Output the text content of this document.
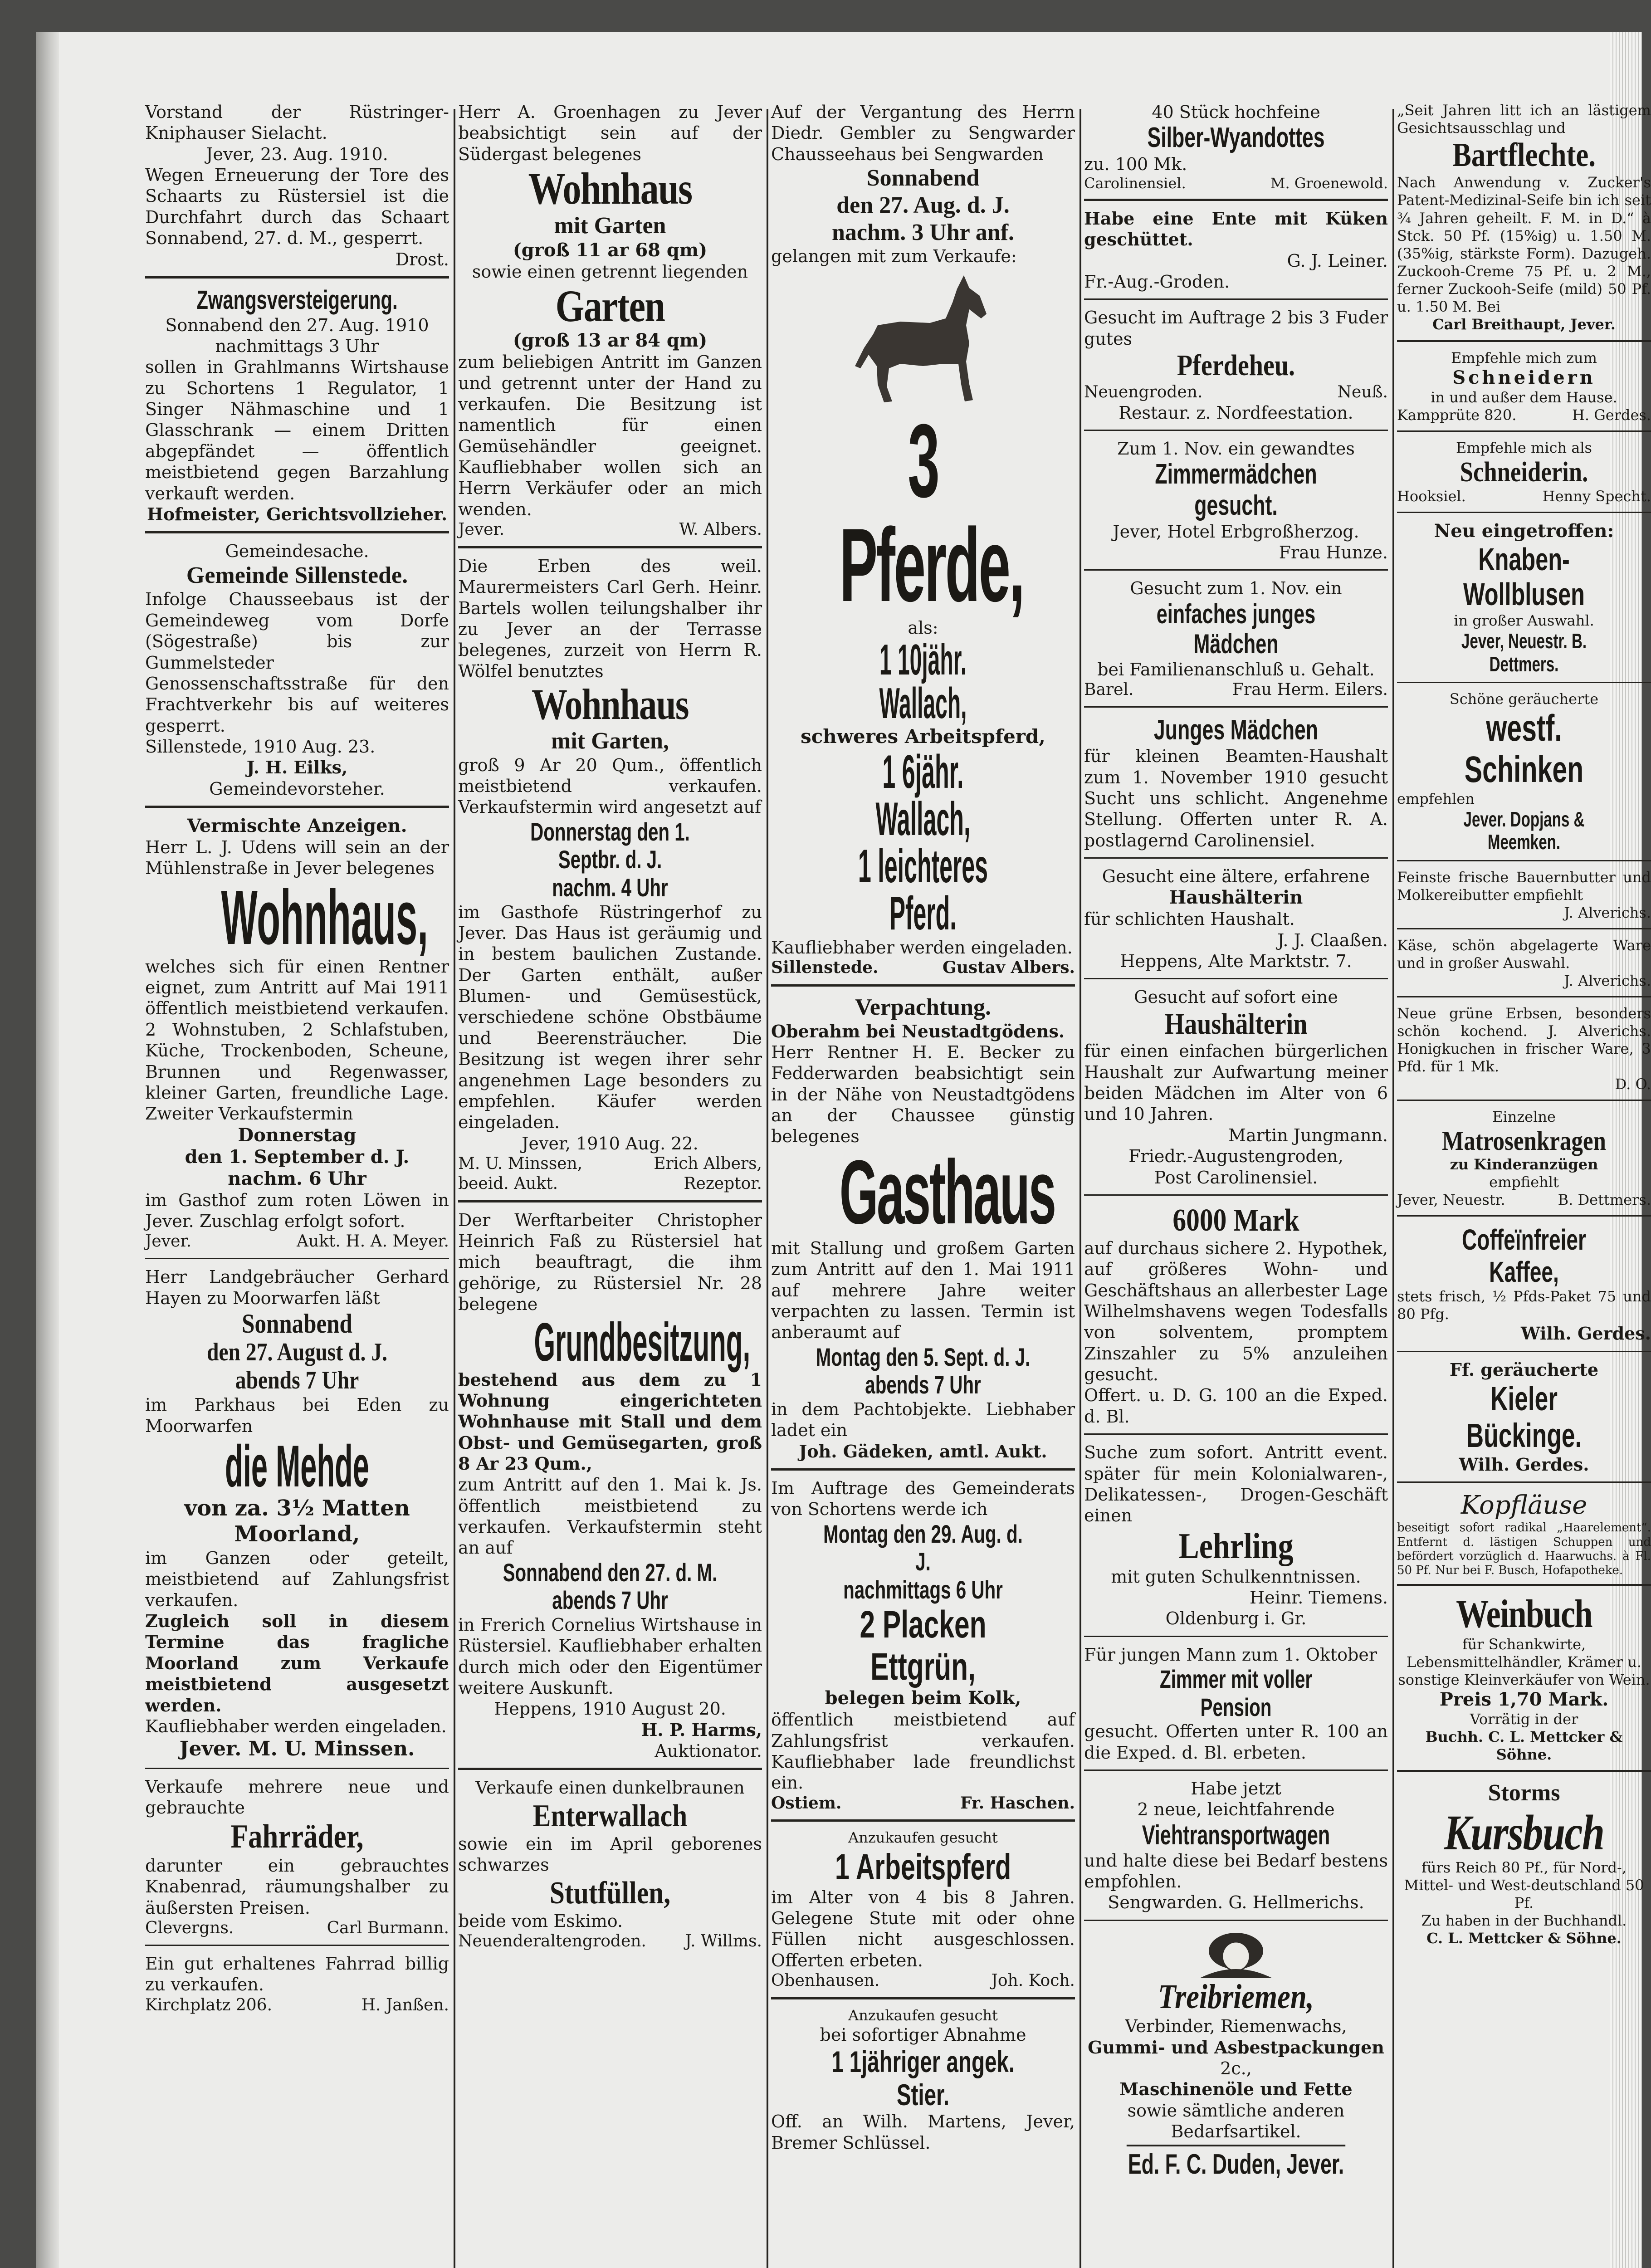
Vorstand der Rüstringer-Kniphauser Sielacht.
Jever, 23. Aug. 1910.
Wegen Erneuerung der Tore des Schaarts zu Rüstersiel ist die Durchfahrt durch das Schaart Sonnabend, 27. d. M., gesperrt.
Drost.
Zwangsversteigerung.
Sonnabend den 27. Aug. 1910 nachmittags 3 Uhr
sollen in Grahlmanns Wirtshause zu Schortens 1 Regulator, 1 Singer Nähmaschine und 1 Glasschrank — einem Dritten abgepfändet — öffentlich meistbietend gegen Barzahlung verkauft werden.
Hofmeister, Gerichtsvollzieher.
Gemeindesache.
Gemeinde Sillenstede.
Infolge Chausseebaus ist der Gemeindeweg vom Dorfe (Sögestraße) bis zur Gummelsteder Genossenschaftsstraße für den Frachtverkehr bis auf weiteres gesperrt.
Sillenstede, 1910 Aug. 23.
J. H. Eilks,
Gemeindevorsteher.
Vermischte Anzeigen.
Herr L. J. Udens will sein an der Mühlenstraße in Jever belegenes
Wohnhaus,
welches sich für einen Rentner eignet, zum Antritt auf Mai 1911 öffentlich meistbietend verkaufen. 2 Wohnstuben, 2 Schlafstuben, Küche, Trockenboden, Scheune, Brunnen und Regenwasser, kleiner Garten, freundliche Lage. Zweiter Verkaufstermin
Donnerstag
den 1. September d. J.
nachm. 6 Uhr
im Gasthof zum roten Löwen in Jever. Zuschlag erfolgt sofort.
Jever.	Aukt. H. A. Meyer.
Herr Landgebräucher Gerhard Hayen zu Moorwarfen läßt
Sonnabend
den 27. August d. J.
abends 7 Uhr
im Parkhaus bei Eden zu Moorwarfen
die Mehde
von za. 3½ Matten
Moorland,
im Ganzen oder geteilt, meistbietend auf Zahlungsfrist verkaufen.
Zugleich soll in diesem Termine das fragliche Moorland zum Verkaufe meistbietend ausgesetzt werden.
Kaufliebhaber werden eingeladen.
Jever. M. U. Minssen.
Verkaufe mehrere neue und gebrauchte
Fahrräder,
darunter ein gebrauchtes Knabenrad, räumungshalber zu äußersten Preisen.
Clevergns.	Carl Burmann.
Ein gut erhaltenes Fahrrad billig zu verkaufen.
Kirchplatz 206.	H. Janßen.
Herr A. Groenhagen zu Jever beabsichtigt sein auf der Südergast belegenes
Wohnhaus
mit Garten
(groß 11 ar 68 qm)
sowie einen getrennt liegenden
Garten
(groß 13 ar 84 qm)
zum beliebigen Antritt im Ganzen und getrennt unter der Hand zu verkaufen. Die Besitzung ist namentlich für einen Gemüsehändler geeignet. Kaufliebhaber wollen sich an Herrn Verkäufer oder an mich wenden.
Jever.	W. Albers.
Die Erben des weil. Maurermeisters Carl Gerh. Heinr. Bartels wollen teilungshalber ihr zu Jever an der Terrasse belegenes, zurzeit von Herrn R. Wölfel benutztes
Wohnhaus
mit Garten,
groß 9 Ar 20 Qum., öffentlich meistbietend verkaufen. Verkaufstermin wird angesetzt auf
Donnerstag den 1. Septbr. d. J.
nachm. 4 Uhr
im Gasthofe Rüstringerhof zu Jever. Das Haus ist geräumig und in bestem baulichen Zustande. Der Garten enthält, außer Blumen- und Gemüsestück, verschiedene schöne Obstbäume und Beerensträucher. Die Besitzung ist wegen ihrer sehr angenehmen Lage besonders zu empfehlen. Käufer werden eingeladen.
Jever, 1910 Aug. 22.
M. U. Minssen,	Erich Albers,
beeid. Aukt.	Rezeptor.
Der Werftarbeiter Christopher Heinrich Faß zu Rüstersiel hat mich beauftragt, die ihm gehörige, zu Rüstersiel Nr. 28 belegene
Grundbesitzung,
bestehend aus dem zu 1 Wohnung eingerichteten Wohnhause mit Stall und dem Obst- und Gemüsegarten, groß 8 Ar 23 Qum.,
zum Antritt auf den 1. Mai k. Js. öffentlich meistbietend zu verkaufen. Verkaufstermin steht an auf
Sonnabend den 27. d. M.
abends 7 Uhr
in Frerich Cornelius Wirtshause in Rüstersiel. Kaufliebhaber erhalten durch mich oder den Eigentümer weitere Auskunft.
Heppens, 1910 August 20.
H. P. Harms,
Auktionator.
Verkaufe einen dunkelbraunen
Enterwallach
sowie ein im April geborenes schwarzes
Stutfüllen,
beide vom Eskimo.
Neuenderaltengroden. J. Willms.
Auf der Vergantung des Herrn Diedr. Gembler zu Sengwarder Chausseehaus bei Sengwarden
Sonnabend
den 27. Aug. d. J.
nachm. 3 Uhr anf.
gelangen mit zum Verkaufe:
3 Pferde,
als:
1 10jähr. Wallach,
schweres Arbeitspferd,
1 6jähr. Wallach,
1 leichteres Pferd.
Kaufliebhaber werden eingeladen.
Sillenstede.	Gustav Albers.
Verpachtung.
Oberahm bei Neustadtgödens.
Herr Rentner H. E. Becker zu Fedderwarden beabsichtigt sein in der Nähe von Neustadtgödens an der Chaussee günstig belegenes
Gasthaus
mit Stallung und großem Garten zum Antritt auf den 1. Mai 1911 auf mehrere Jahre weiter verpachten zu lassen. Termin ist anberaumt auf
Montag den 5. Sept. d. J.
abends 7 Uhr
in dem Pachtobjekte. Liebhaber ladet ein
Joh. Gädeken, amtl. Aukt.
Im Auftrage des Gemeinderats von Schortens werde ich
Montag den 29. Aug. d. J.
nachmittags 6 Uhr
2 Placken Ettgrün,
belegen beim Kolk,
öffentlich meistbietend auf Zahlungsfrist verkaufen. Kaufliebhaber lade freundlichst ein.
Ostiem.	Fr. Haschen.
Anzukaufen gesucht
1 Arbeitspferd
im Alter von 4 bis 8 Jahren. Gelegene Stute mit oder ohne Füllen nicht ausgeschlossen. Offerten erbeten.
Obenhausen.	Joh. Koch.
Anzukaufen gesucht
bei sofortiger Abnahme
1 1jähriger angek. Stier.
Off. an Wilh. Martens, Jever, Bremer Schlüssel.
40 Stück hochfeine
Silber-Wyandottes
zu. 100 Mk.
Carolinensiel.	M. Groenewold.
Habe eine Ente mit Küken geschüttet.
G. J. Leiner.
Fr.-Aug.-Groden.
Gesucht im Auftrage 2 bis 3 Fuder gutes
Pferdeheu.
Neuengroden.	Neuß.
Restaur. z. Nordfeestation.
Zum 1. Nov. ein gewandtes
Zimmermädchen gesucht.
Jever, Hotel Erbgroßherzog.
Frau Hunze.
Gesucht zum 1. Nov. ein
einfaches junges Mädchen
bei Familienanschluß u. Gehalt.
Barel.	Frau Herm. Eilers.
Junges Mädchen
für kleinen Beamten-Haushalt zum 1. November 1910 gesucht Sucht uns schlicht. Angenehme Stellung. Offerten unter R. A. postlagernd Carolinensiel.
Gesucht eine ältere, erfahrene
Haushälterin
für schlichten Haushalt.
J. J. Claaßen.
Heppens, Alte Marktstr. 7.
Gesucht auf sofort eine
Haushälterin
für einen einfachen bürgerlichen Haushalt zur Aufwartung meiner beiden Mädchen im Alter von 6 und 10 Jahren.
Martin Jungmann.
Friedr.-Augustengroden,
Post Carolinensiel.
6000 Mark
auf durchaus sichere 2. Hypothek, auf größeres Wohn- und Geschäftshaus an allerbester Lage Wilhelmshavens wegen Todesfalls von solventem, promptem Zinszahler zu 5% anzuleihen gesucht.
Offert. u. D. G. 100 an die Exped. d. Bl.
Suche zum sofort. Antritt event. später für mein Kolonialwaren-, Delikatessen-, Drogen-Geschäft einen
Lehrling
mit guten Schulkenntnissen.
Heinr. Tiemens.
Oldenburg i. Gr.
Für jungen Mann zum 1. Oktober
Zimmer mit voller Pension
gesucht. Offerten unter R. 100 an die Exped. d. Bl. erbeten.
Habe jetzt
2 neue, leichtfahrende
Viehtransportwagen
und halte diese bei Bedarf bestens empfohlen.
Sengwarden. G. Hellmerichs.
Treibriemen,
Verbinder, Riemenwachs,
Gummi- und Asbestpackungen
2c.,
Maschinenöle und Fette
sowie sämtliche anderen Bedarfsartikel.
Ed. F. C. Duden, Jever.
„Seit Jahren litt ich an lästigem Gesichtsausschlag und
Bartflechte.
Nach Anwendung v. Zucker's Patent-Medizinal-Seife bin ich seit ¾ Jahren geheilt. F. M. in D.“ à Stck. 50 Pf. (15%ig) u. 1.50 M. (35%ig, stärkste Form). Dazugeh. Zuckooh-Creme 75 Pf. u. 2 M., ferner Zuckooh-Seife (mild) 50 Pf. u. 1.50 M. Bei
Carl Breithaupt, Jever.
Empfehle mich zum
Schneidern
in und außer dem Hause.
Kampprüte 820.	H. Gerdes.
Empfehle mich als
Schneiderin.
Hooksiel.	Henny Specht.
Neu eingetroffen:
Knaben-Wollblusen
in großer Auswahl.
Jever, Neuestr. B. Dettmers.
Schöne geräucherte
westf. Schinken
empfehlen
Jever. Dopjans & Meemken.
Feinste frische Bauernbutter und Molkereibutter empfiehlt
J. Alverichs.
Käse, schön abgelagerte Ware und in großer Auswahl.
J. Alverichs.
Neue grüne Erbsen, besonders schön kochend. J. Alverichs. Honigkuchen in frischer Ware, 3 Pfd. für 1 Mk.
D. O.
Einzelne
Matrosenkragen
zu Kinderanzügen
empfiehlt
Jever, Neuestr.	B. Dettmers.
Coffeïnfreier Kaffee,
stets frisch, ½ Pfds-Paket 75 und 80 Pfg.
Wilh. Gerdes.
Ff. geräucherte
Kieler Bückinge.
Wilh. Gerdes.
Kopfläuse
beseitigt sofort radikal „Haarelement“. Entfernt d. lästigen Schuppen und befördert vorzüglich d. Haarwuchs. à Fl. 50 Pf. Nur bei F. Busch, Hofapotheke.
Weinbuch
für Schankwirte, Lebensmittelhändler, Krämer u. sonstige Kleinverkäufer von Wein.
Preis 1,70 Mark.
Vorrätig in der
Buchh. C. L. Mettcker & Söhne.
Storms
Kursbuch
fürs Reich 80 Pf., für Nord-, Mittel- und West-deutschland 50 Pf.
Zu haben in der Buchhandl.
C. L. Mettcker & Söhne.
